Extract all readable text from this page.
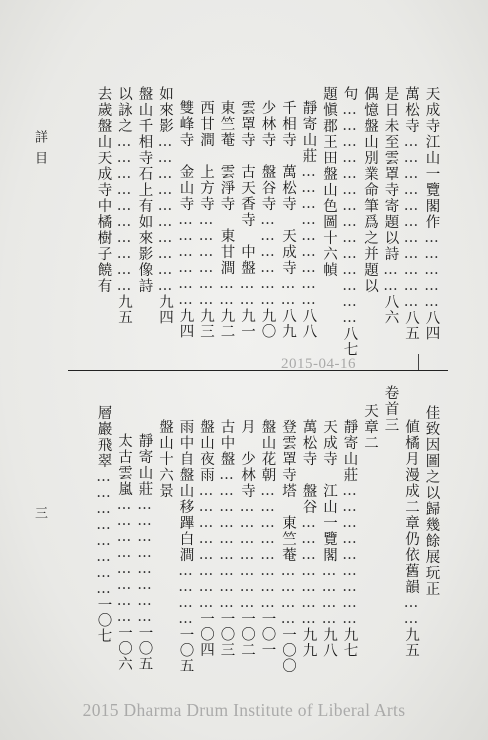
詳目
三
天成寺江山一覽閣作……………八四
萬松寺……………………………八五
是日未至雲罩寺寄題以詩……八六
偶憶盤山別業命筆爲之并題以
句……………………………………八七
題愼郡王田盤山色圖十六幀
靜寄山莊………………………八八
千相寺　萬松寺　天成寺……八九
少林寺　盤谷寺………………九〇
雲罩寺　古天香寺　中盤……九一
東竺菴　雲淨寺　東甘澗……九二
西甘澗　上方寺………………九三
雙峰寺　金山寺………………九四
如來影…………………………九四
盤山千相寺石上有如來影像詩
以詠之…………………………九五
去歲盤山天成寺中橘樹子饒有
佳致因圖之以歸幾餘展玩正
値橘月漫成二章仍依舊韻……九五
卷首三
天章二
靜寄山莊………………………九七
天成寺　江山一覽閣…………九八
萬松寺　盤谷…………………九九
登雲罩寺塔　東竺菴…………一〇〇
盤山花朝……………………一〇一
月　少林寺…………………一〇二
古中盤………………………一〇三
盤山夜雨……………………一〇四
雨中自盤山移蹕白澗…………一〇五
盤山十六景
靜寄山莊……………………一〇五
太古雲嵐……………………一〇六
層巖飛翠……………………一〇七
2015-04-16
2015 Dharma Drum Institute of Liberal Arts
